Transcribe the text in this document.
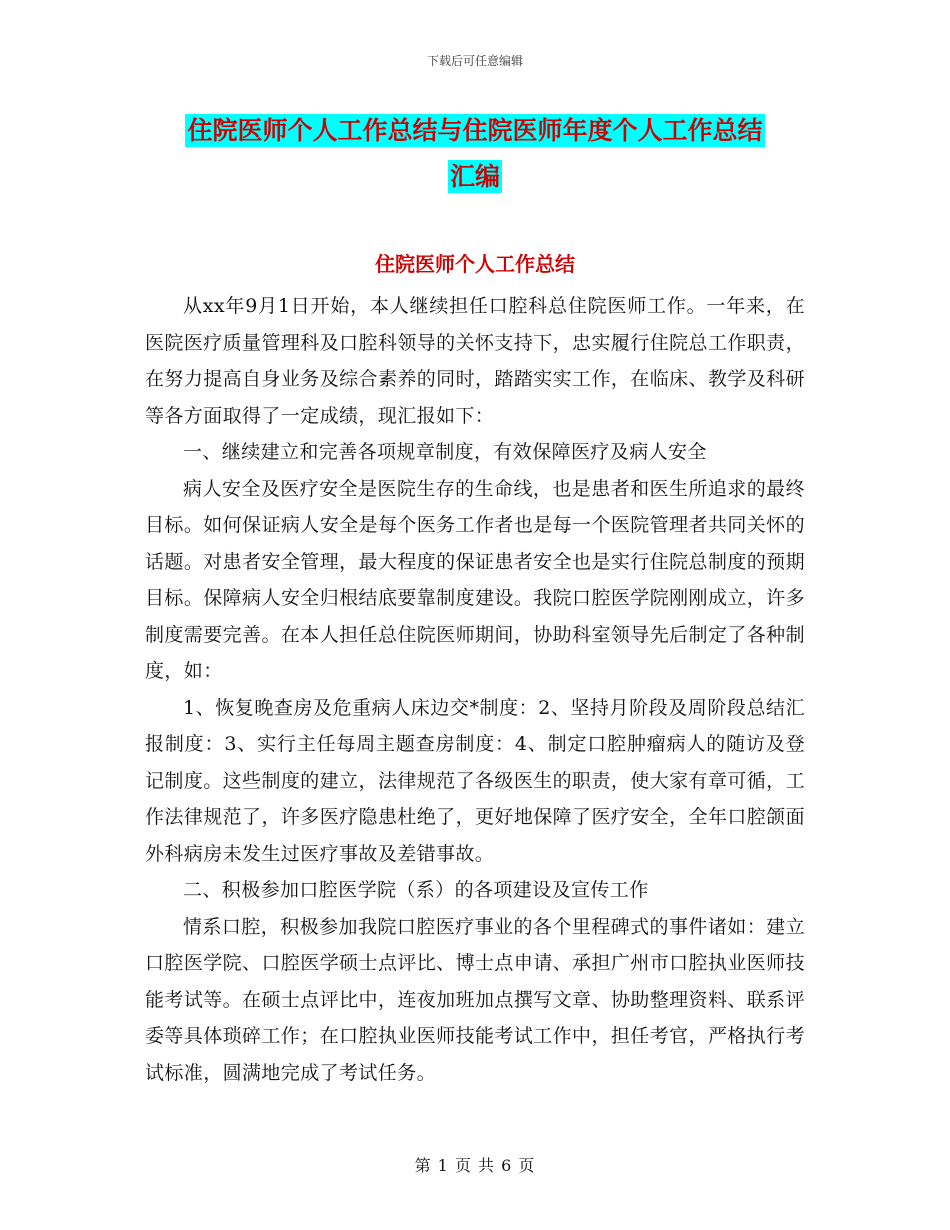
下载后可任意编辑
住院医师个人工作总结与住院医师年度个人工作总结
汇编
住院医师个人工作总结

从xx年9月1日开始，本人继续担任口腔科总住院医师工作。一年来，在医院医疗质量管理科及口腔科领导的关怀支持下，忠实履行住院总工作职责，在努力提高自身业务及综合素养的同时，踏踏实实工作，在临床、教学及科研等各方面取得了一定成绩，现汇报如下：

一、继续建立和完善各项规章制度，有效保障医疗及病人安全

病人安全及医疗安全是医院生存的生命线，也是患者和医生所追求的最终目标。如何保证病人安全是每个医务工作者也是每一个医院管理者共同关怀的话题。对患者安全管理，最大程度的保证患者安全也是实行住院总制度的预期目标。保障病人安全归根结底要靠制度建设。我院口腔医学院刚刚成立，许多制度需要完善。在本人担任总住院医师期间，协助科室领导先后制定了各种制度，如：

1、恢复晚查房及危重病人床边交*制度：2、坚持月阶段及周阶段总结汇报制度：3、实行主任每周主题查房制度：4、制定口腔肿瘤病人的随访及登记制度。这些制度的建立，法律规范了各级医生的职责，使大家有章可循，工作法律规范了，许多医疗隐患杜绝了，更好地保障了医疗安全，全年口腔颌面外科病房未发生过医疗事故及差错事故。

二、积极参加口腔医学院（系）的各项建设及宣传工作

情系口腔，积极参加我院口腔医疗事业的各个里程碑式的事件诸如：建立口腔医学院、口腔医学硕士点评比、博士点申请、承担广州市口腔执业医师技能考试等。在硕士点评比中，连夜加班加点撰写文章、协助整理资料、联系评委等具体琐碎工作；在口腔执业医师技能考试工作中，担任考官，严格执行考试标准，圆满地完成了考试任务。

第 1 页 共 6 页
